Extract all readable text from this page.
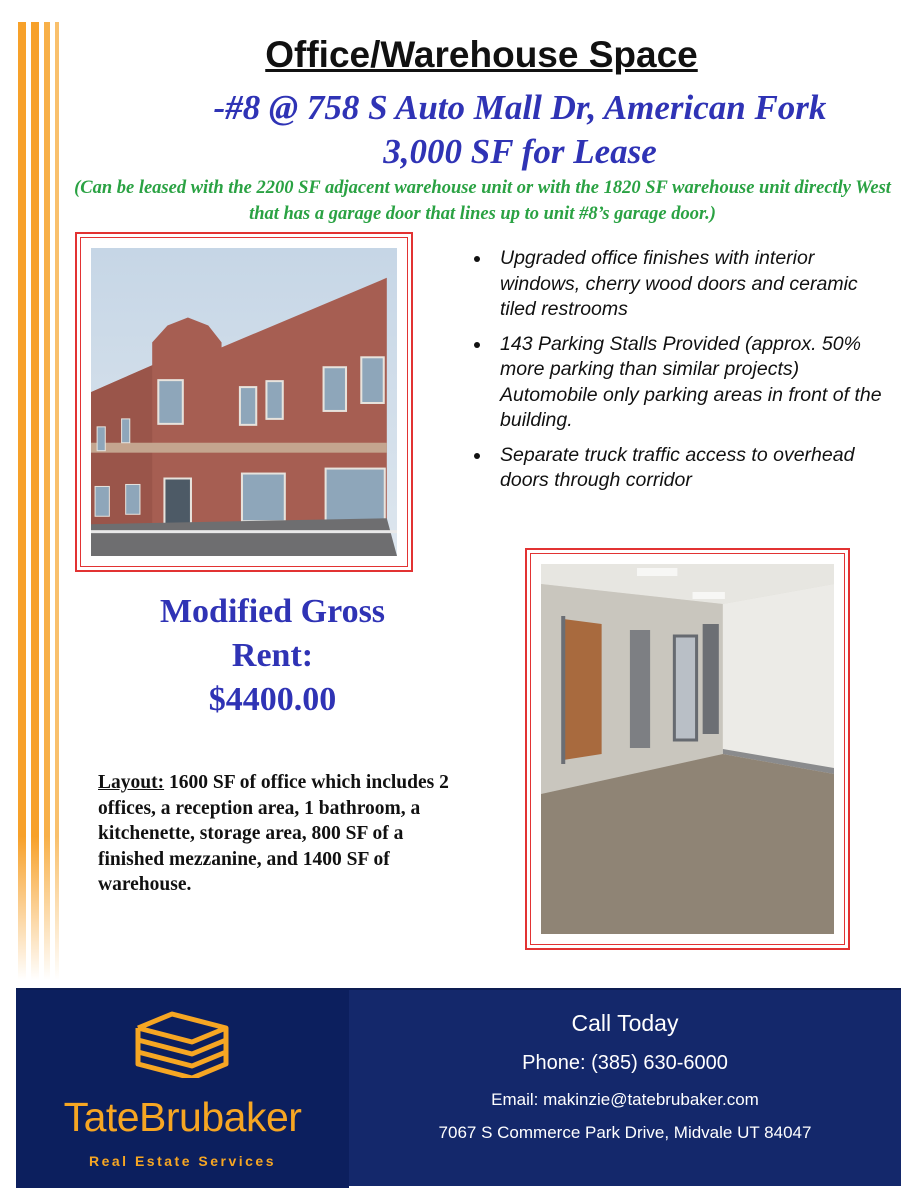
Office/Warehouse Space
-#8 @ 758 S Auto Mall Dr, American Fork
3,000 SF for Lease
(Can be leased with the 2200 SF adjacent warehouse unit or with the 1820 SF warehouse unit directly West that has a garage door that lines up to unit #8’s garage door.)
Upgraded office finishes with interior windows, cherry wood doors and ceramic tiled restrooms
143 Parking Stalls Provided (approx. 50% more parking than similar projects) Automobile only parking areas in front of the building.
Separate truck traffic access to overhead doors through corridor
Modified Gross
Rent:
$4400.00
Layout: 1600 SF of office which includes 2 offices, a reception area, 1 bathroom, a kitchenette, storage area, 800 SF of a finished mezzanine, and 1400 SF of warehouse.
TateBrubaker
Real Estate Services
Call Today
Phone: (385) 630-6000
Email: makinzie@tatebrubaker.com
7067 S Commerce Park Drive, Midvale UT 84047
